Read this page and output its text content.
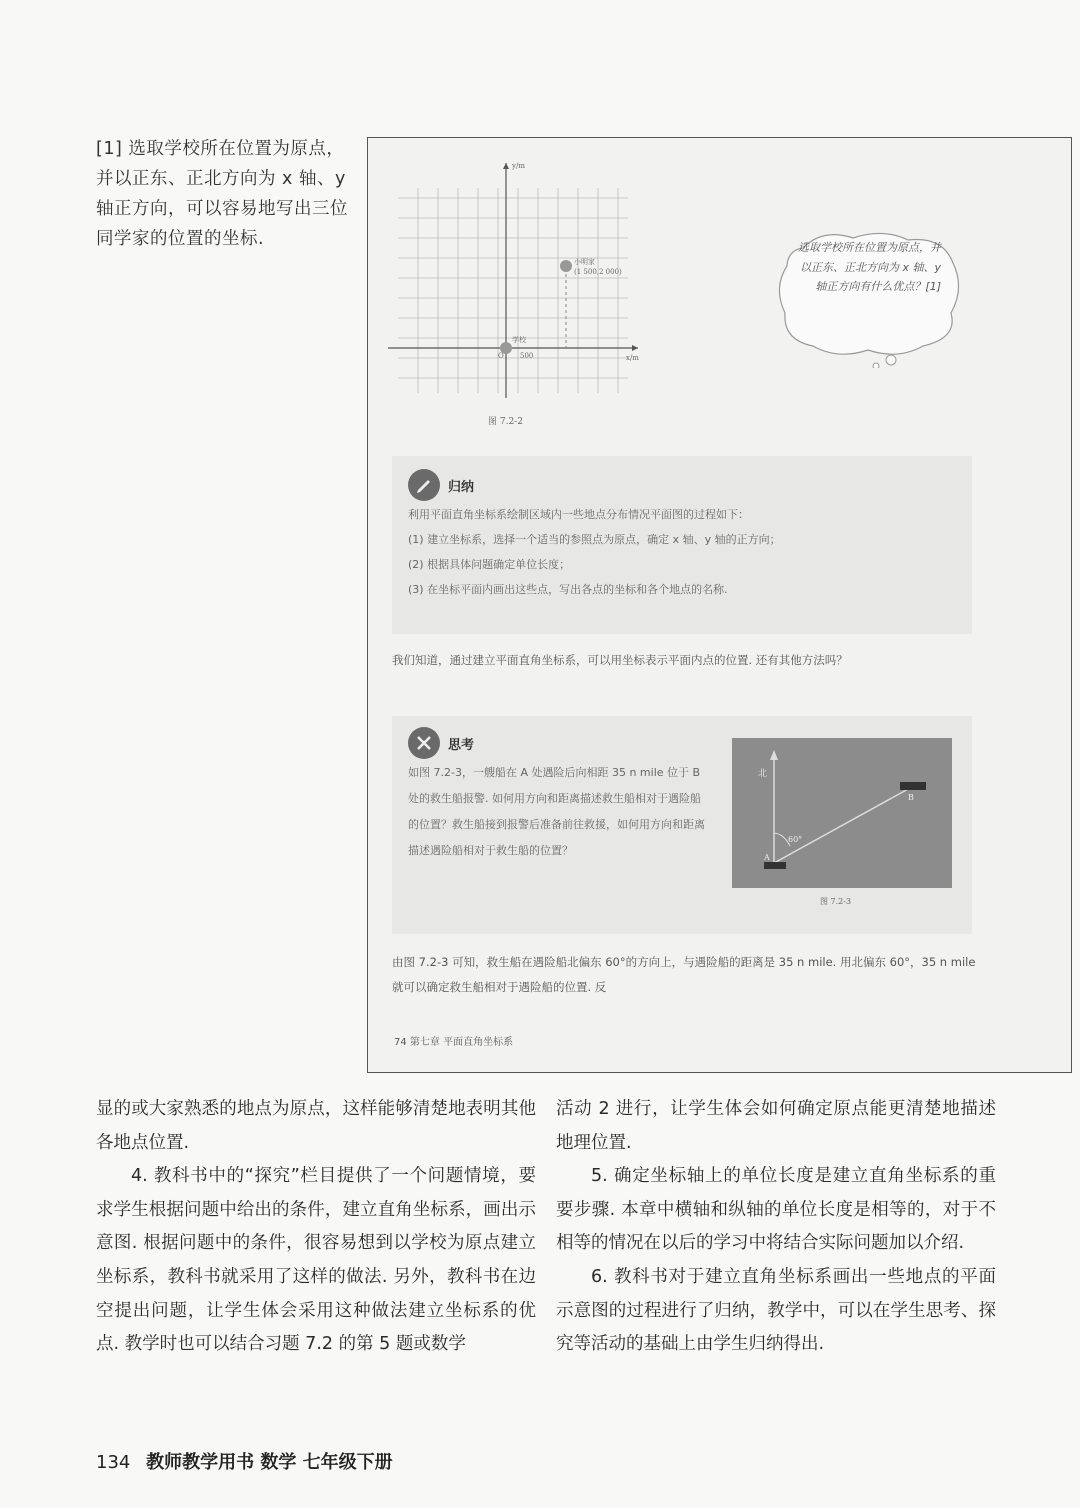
[1] 选取学校所在位置为原点，并以正东、正北方向为 x 轴、y 轴正方向，可以容易地写出三位同学家的位置的坐标.
y/m
x/m
O 500
学校
小明家
(1 500,2 000)
图 7.2-2
选取学校所在位置为原点，并以正东、正北方向为 x 轴、y 轴正方向有什么优点？[1]
归纳
利用平面直角坐标系绘制区域内一些地点分布情况平面图的过程如下：
(1) 建立坐标系，选择一个适当的参照点为原点，确定 x 轴、y 轴的正方向；
(2) 根据具体问题确定单位长度；
(3) 在坐标平面内画出这些点，写出各点的坐标和各个地点的名称.
我们知道，通过建立平面直角坐标系，可以用坐标表示平面内点的位置. 还有其他方法吗？
思考
如图 7.2-3，一艘船在 A 处遇险后向相距 35 n mile 位于 B 处的救生船报警. 如何用方向和距离描述救生船相对于遇险船的位置？救生船接到报警后准备前往救援，如何用方向和距离描述遇险船相对于救生船的位置？
北
60°
A
B
图 7.2-3
由图 7.2-3 可知，救生船在遇险船北偏东 60°的方向上，与遇险船的距离是 35 n mile. 用北偏东 60°，35 n mile 就可以确定救生船相对于遇险船的位置. 反
74 第七章 平面直角坐标系

显的或大家熟悉的地点为原点，这样能够清楚地表明其他各地点位置.

4. 教科书中的“探究”栏目提供了一个问题情境，要求学生根据问题中给出的条件，建立直角坐标系，画出示意图. 根据问题中的条件，很容易想到以学校为原点建立坐标系，教科书就采用了这样的做法. 另外，教科书在边空提出问题，让学生体会采用这种做法建立坐标系的优点. 教学时也可以结合习题 7.2 的第 5 题或数学

活动 2 进行，让学生体会如何确定原点能更清楚地描述地理位置.

5. 确定坐标轴上的单位长度是建立直角坐标系的重要步骤. 本章中横轴和纵轴的单位长度是相等的，对于不相等的情况在以后的学习中将结合实际问题加以介绍.

6. 教科书对于建立直角坐标系画出一些地点的平面示意图的过程进行了归纳，教学中，可以在学生思考、探究等活动的基础上由学生归纳得出.

134 教师教学用书 数学 七年级下册
